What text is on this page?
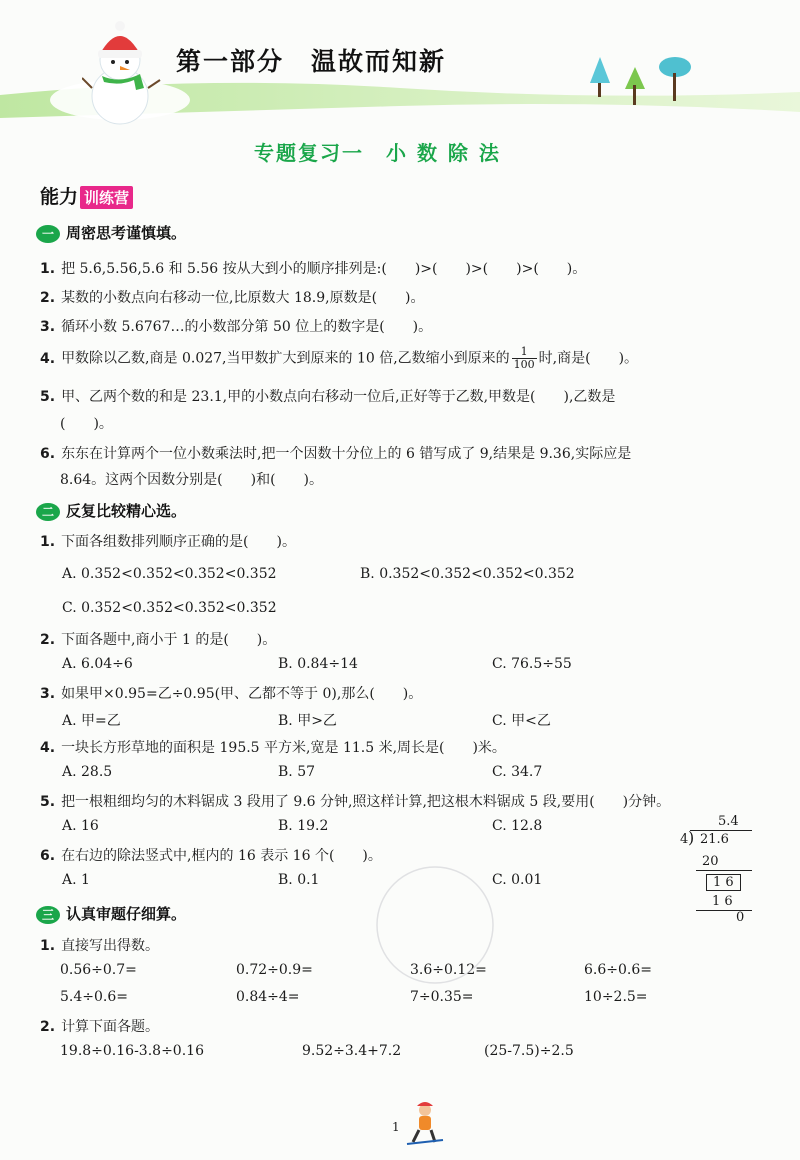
第一部分　温故而知新
专题复习一　小 数 除 法
能力 训练营
一 周密思考谨慎填。
1. 把 5.6̇,5.5̇6̇,5.6 和 5.56 按从大到小的顺序排列是:(　　)>(　　)>(　　)>(　　)。
2. 某数的小数点向右移动一位,比原数大 18.9,原数是(　　)。
3. 循环小数 5.6767…的小数部分第 50 位上的数字是(　　)。
4. 甲数除以乙数,商是 0.027,当甲数扩大到原来的 10 倍,乙数缩小到原来的 $\frac{1}{100}$ 时,商是(　　)。
5. 甲、乙两个数的和是 23.1,甲的小数点向右移动一位后,正好等于乙数,甲数是(　　),乙数是
(　　)。
6. 东东在计算两个一位小数乘法时,把一个因数十分位上的 6 错写成了 9,结果是 9.36,实际应是
8.64。这两个因数分别是(　　)和(　　)。
二 反复比较精心选。
1. 下面各组数排列顺序正确的是(　　)。
A. 0.352<0.35̇2̇<0.3̇52̇<0.35̇2̇	B. 0.3̇52̇<0.35̇2̇<0.352̇<0.352
C. 0.352<0.35̇2̇<0.3̇52̇<0.3̇5̇2̇
2. 下面各题中,商小于 1 的是(　　)。
A. 6.04÷6	B. 0.84÷14	C. 76.5÷55
3. 如果甲×0.95=乙÷0.95(甲、乙都不等于 0),那么(　　)。
A. 甲=乙	B. 甲>乙	C. 甲<乙
4. 一块长方形草地的面积是 195.5 平方米,宽是 11.5 米,周长是(　　)米。
A. 28.5	B. 57	C. 34.7
5. 把一根粗细均匀的木料锯成 3 段用了 9.6 分钟,照这样计算,把这根木料锯成 5 段,要用(　　)分钟。
A. 16	B. 19.2	C. 12.8
6. 在右边的除法竖式中,框内的 16 表示 16 个(　　)。
A. 1	B. 0.1	C. 0.01
5.4
4 ) 21.6
20
1 6
1 6
0
三 认真审题仔细算。
1. 直接写出得数。
0.56÷0.7=	0.72÷0.9=	3.6÷0.12=	6.6÷0.6=
5.4÷0.6=	0.84÷4=	7÷0.35=	10÷2.5=
2. 计算下面各题。
19.8÷0.16-3.8÷0.16	9.52÷3.4+7.2	(25-7.5)÷2.5
1
